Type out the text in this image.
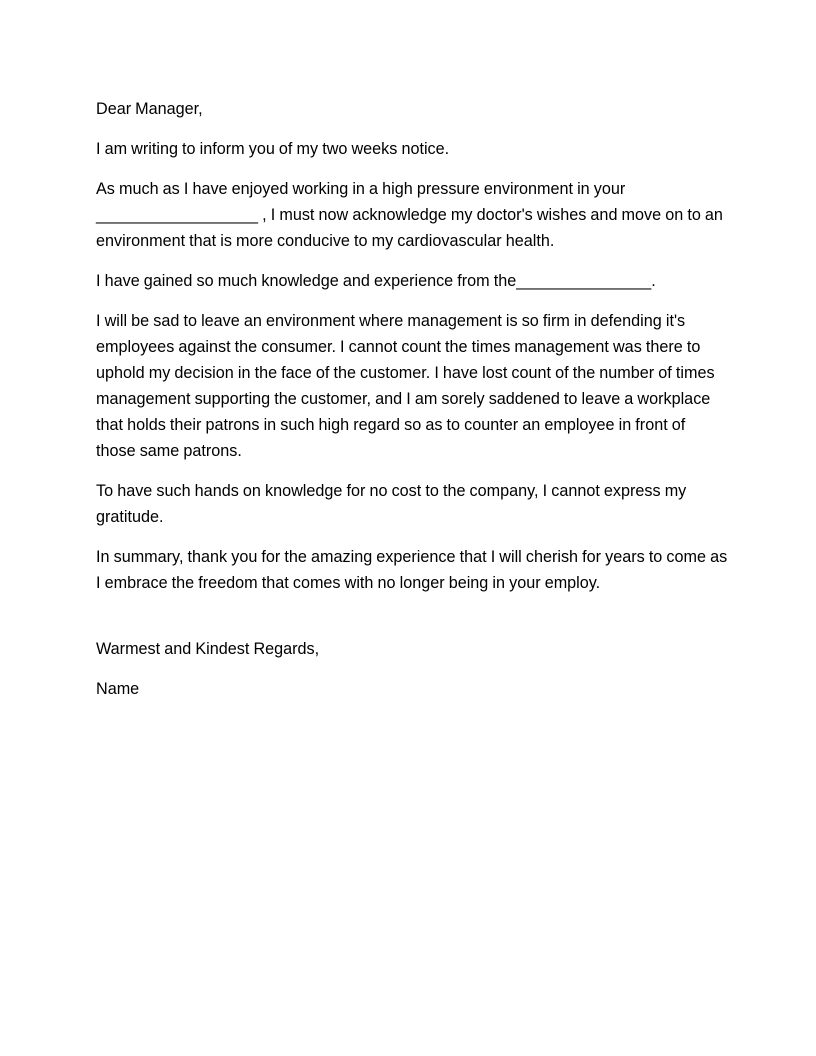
Dear Manager,

I am writing to inform you of my two weeks notice.

As much as I have enjoyed working in a high pressure environment in your __________________ , I must now acknowledge my doctor's wishes and move on to an environment that is more conducive to my cardiovascular health.

I have gained so much knowledge and experience from the_______________.

I will be sad to leave an environment where management is so firm in defending it's employees against the consumer. I cannot count the times management was there to uphold my decision in the face of the customer. I have lost count of the number of times management supporting the customer, and I am sorely saddened to leave a workplace that holds their patrons in such high regard so as to counter an employee in front of those same patrons.

To have such hands on knowledge for no cost to the company, I cannot express my gratitude.

In summary, thank you for the amazing experience that I will cherish for years to come as I embrace the freedom that comes with no longer being in your employ.

Warmest and Kindest Regards,

Name
